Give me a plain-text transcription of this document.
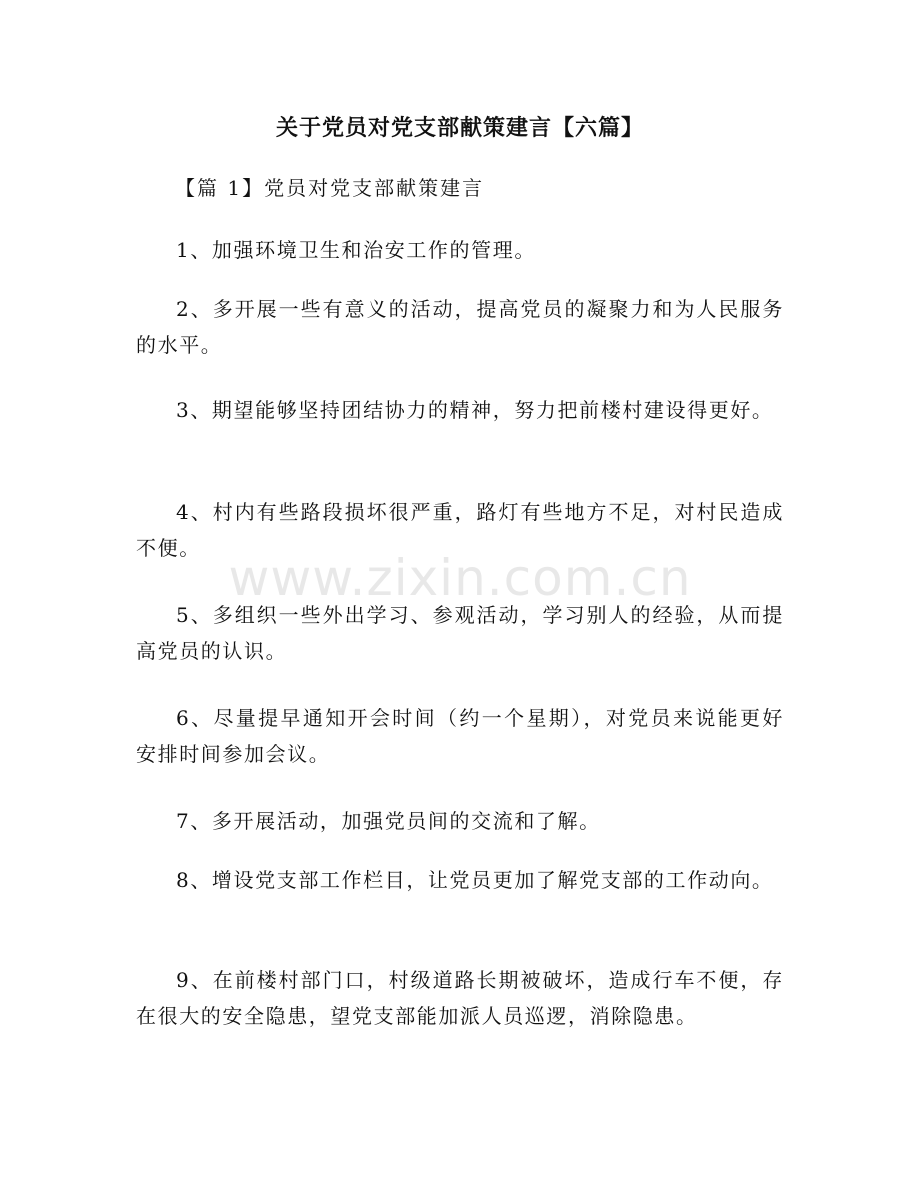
关于党员对党支部献策建言【六篇】

【篇 1】党员对党支部献策建言

1、加强环境卫生和治安工作的管理。

2、多开展一些有意义的活动，提高党员的凝聚力和为人民服务的水平。

3、期望能够坚持团结协力的精神，努力把前楼村建设得更好。

4、村内有些路段损坏很严重，路灯有些地方不足，对村民造成不便。

5、多组织一些外出学习、参观活动，学习别人的经验，从而提高党员的认识。

6、尽量提早通知开会时间（约一个星期），对党员来说能更好安排时间参加会议。

7、多开展活动，加强党员间的交流和了解。

8、增设党支部工作栏目，让党员更加了解党支部的工作动向。

9、在前楼村部门口，村级道路长期被破坏，造成行车不便，存在很大的安全隐患，望党支部能加派人员巡逻，消除隐患。

www.zixin.com.cn
